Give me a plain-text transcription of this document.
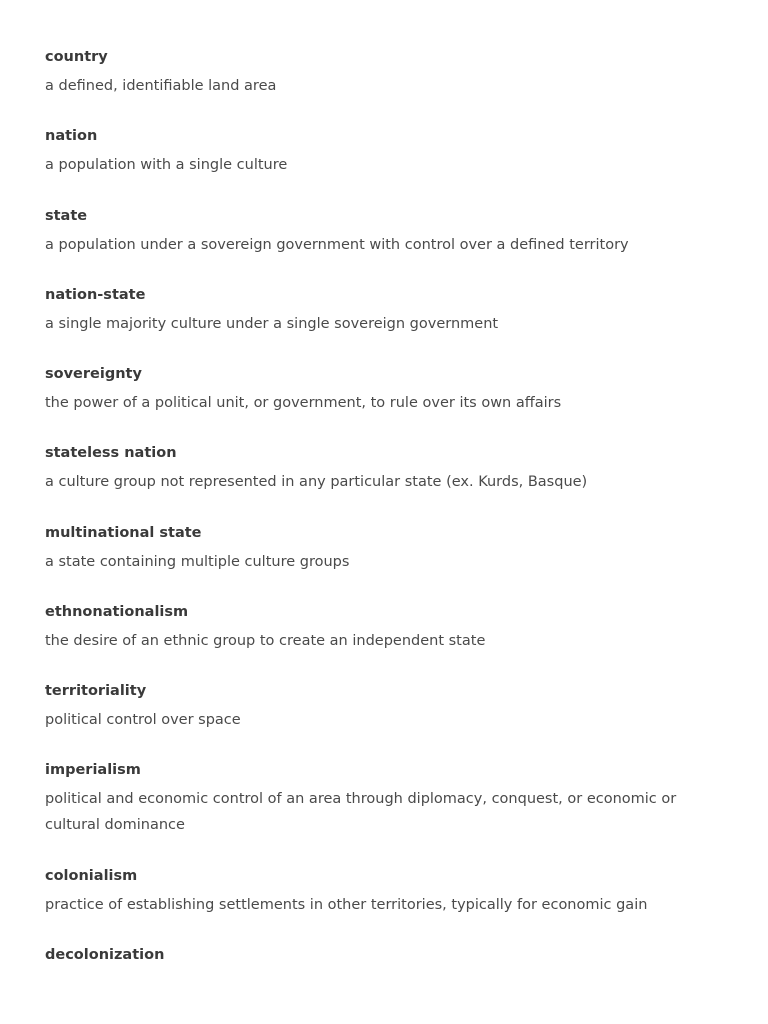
country
a defined, identifiable land area
nation
a population with a single culture
state
a population under a sovereign government with control over a defined territory
nation-state
a single majority culture under a single sovereign government
sovereignty
the power of a political unit, or government, to rule over its own affairs
stateless nation
a culture group not represented in any particular state (ex. Kurds, Basque)
multinational state
a state containing multiple culture groups
ethnonationalism
the desire of an ethnic group to create an independent state
territoriality
political control over space
imperialism
political and economic control of an area through diplomacy, conquest, or economic or cultural dominance
colonialism
practice of establishing settlements in other territories, typically for economic gain
decolonization
